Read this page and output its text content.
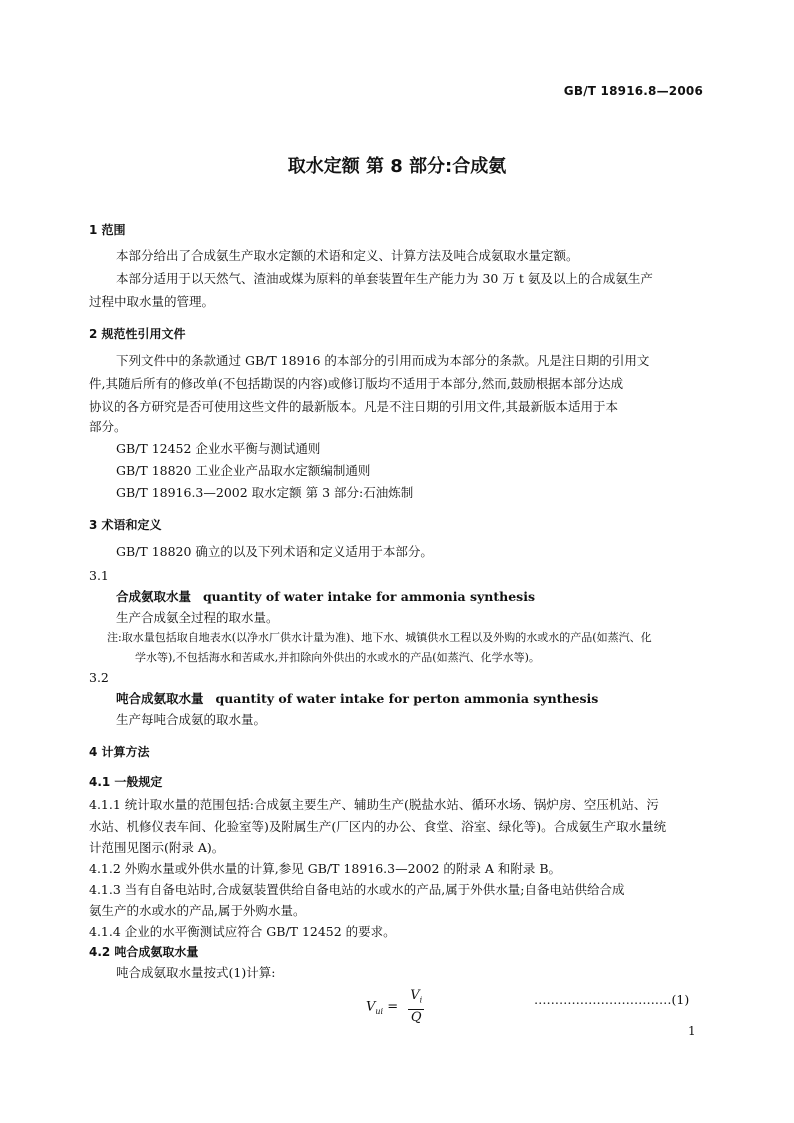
GB/T 18916.8—2006
取水定额 第 8 部分:合成氨
1 范围
本部分给出了合成氨生产取水定额的术语和定义、计算方法及吨合成氨取水量定额。
本部分适用于以天然气、渣油或煤为原料的单套装置年生产能力为 30 万 t 氨及以上的合成氨生产
过程中取水量的管理。
2 规范性引用文件
下列文件中的条款通过 GB/T 18916 的本部分的引用而成为本部分的条款。凡是注日期的引用文
件,其随后所有的修改单(不包括勘误的内容)或修订版均不适用于本部分,然而,鼓励根据本部分达成
协议的各方研究是否可使用这些文件的最新版本。凡是不注日期的引用文件,其最新版本适用于本
部分。
GB/T 12452 企业水平衡与测试通则
GB/T 18820 工业企业产品取水定额编制通则
GB/T 18916.3—2002 取水定额 第 3 部分:石油炼制
3 术语和定义
GB/T 18820 确立的以及下列术语和定义适用于本部分。
3.1
合成氨取水量 quantity of water intake for ammonia synthesis
生产合成氨全过程的取水量。
注:取水量包括取自地表水(以净水厂供水计量为准)、地下水、城镇供水工程以及外购的水或水的产品(如蒸汽、化
学水等),不包括海水和苦咸水,并扣除向外供出的水或水的产品(如蒸汽、化学水等)。
3.2
吨合成氨取水量 quantity of water intake for perton ammonia synthesis
生产每吨合成氨的取水量。
4 计算方法
4.1 一般规定
4.1.1 统计取水量的范围包括:合成氨主要生产、辅助生产(脱盐水站、循环水场、锅炉房、空压机站、污
水站、机修仪表车间、化验室等)及附属生产(厂区内的办公、食堂、浴室、绿化等)。合成氨生产取水量统
计范围见图示(附录 A)。
4.1.2 外购水量或外供水量的计算,参见 GB/T 18916.3—2002 的附录 A 和附录 B。
4.1.3 当有自备电站时,合成氨装置供给自备电站的水或水的产品,属于外供水量;自备电站供给合成
氨生产的水或水的产品,属于外购水量。
4.1.4 企业的水平衡测试应符合 GB/T 12452 的要求。
4.2 吨合成氨取水量
吨合成氨取水量按式(1)计算:
$V_{ui} = \frac{V_i}{Q}$	……………………………(1)
1
